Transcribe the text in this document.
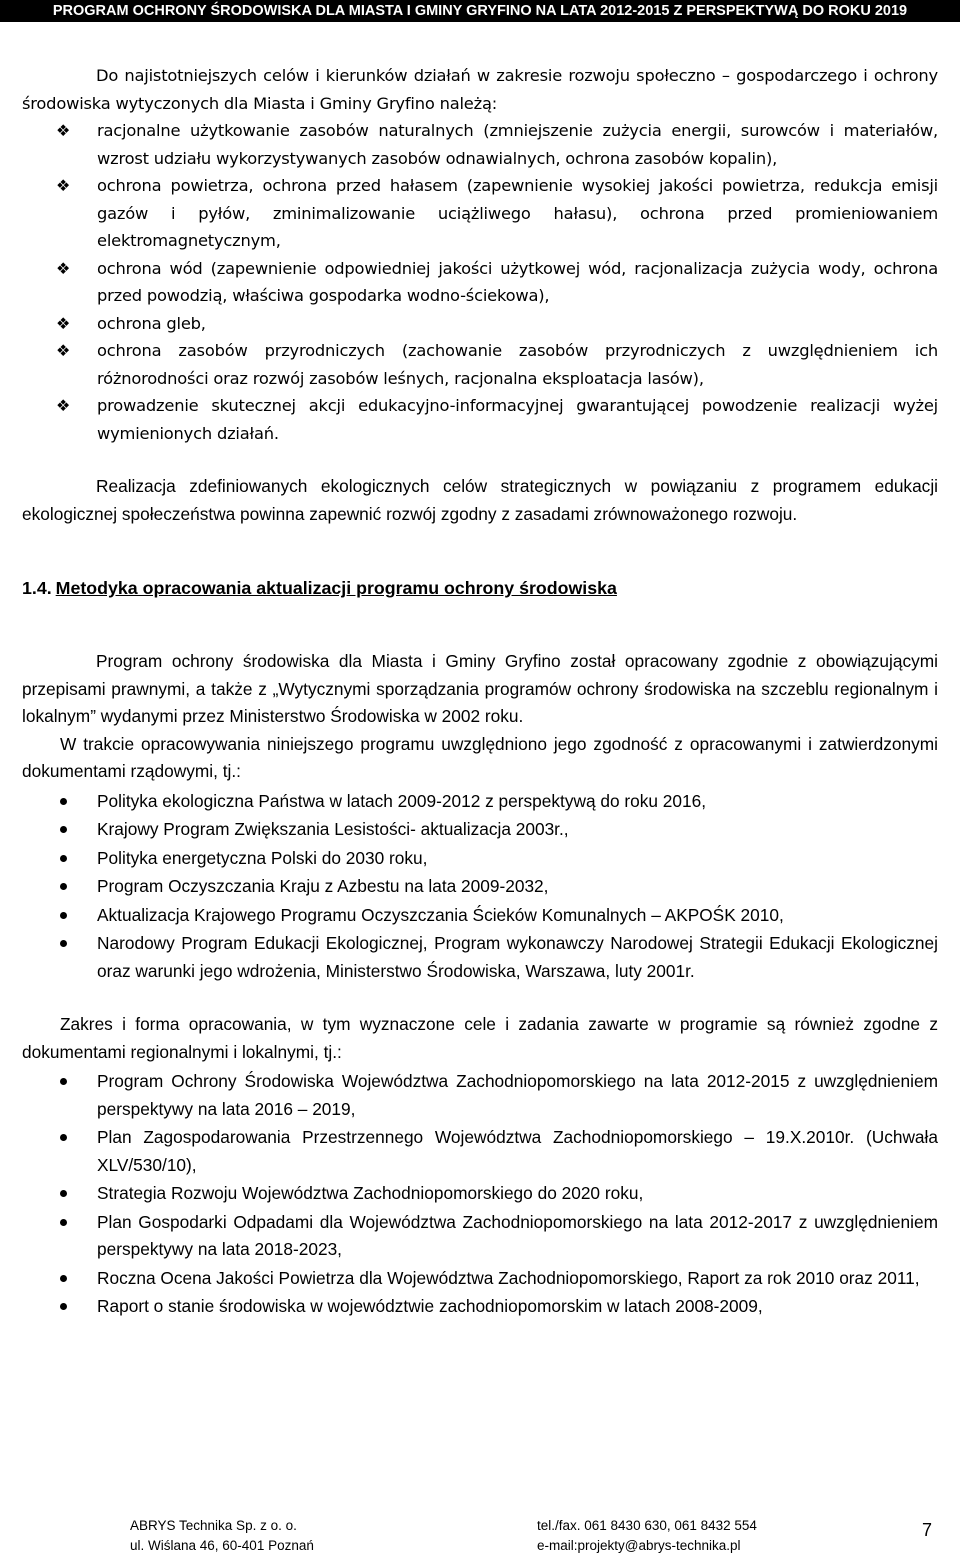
PROGRAM OCHRONY ŚRODOWISKA DLA MIASTA I GMINY GRYFINO NA LATA 2012-2015 Z PERSPEKTYWĄ DO ROKU 2019
Do najistotniejszych celów i kierunków działań w zakresie rozwoju społeczno – gospodarczego i ochrony środowiska wytyczonych dla Miasta i Gminy Gryfino należą:
❖ racjonalne użytkowanie zasobów naturalnych (zmniejszenie zużycia energii, surowców i materiałów, wzrost udziału wykorzystywanych zasobów odnawialnych, ochrona zasobów kopalin),
❖ ochrona powietrza, ochrona przed hałasem (zapewnienie wysokiej jakości powietrza, redukcja emisji gazów i pyłów, zminimalizowanie uciążliwego hałasu), ochrona przed promieniowaniem elektromagnetycznym,
❖ ochrona wód (zapewnienie odpowiedniej jakości użytkowej wód, racjonalizacja zużycia wody, ochrona przed powodzią, właściwa gospodarka wodno-ściekowa),
❖ ochrona gleb,
❖ ochrona zasobów przyrodniczych (zachowanie zasobów przyrodniczych z uwzględnieniem ich różnorodności oraz rozwój zasobów leśnych, racjonalna eksploatacja lasów),
❖ prowadzenie skutecznej akcji edukacyjno-informacyjnej gwarantującej powodzenie realizacji wyżej wymienionych działań.
Realizacja zdefiniowanych ekologicznych celów strategicznych w powiązaniu z programem edukacji ekologicznej społeczeństwa powinna zapewnić rozwój zgodny z zasadami zrównoważonego rozwoju.
1.4. Metodyka opracowania aktualizacji programu ochrony środowiska
Program ochrony środowiska dla Miasta i Gminy Gryfino został opracowany zgodnie z obowiązującymi przepisami prawnymi, a także z „Wytycznymi sporządzania programów ochrony środowiska na szczeblu regionalnym i lokalnym” wydanymi przez Ministerstwo Środowiska w 2002 roku.
W trakcie opracowywania niniejszego programu uwzględniono jego zgodność z opracowanymi i zatwierdzonymi dokumentami rządowymi, tj.:
Polityka ekologiczna Państwa w latach 2009-2012 z perspektywą do roku 2016,
Krajowy Program Zwiększania Lesistości- aktualizacja 2003r.,
Polityka energetyczna Polski do 2030 roku,
Program Oczyszczania Kraju z Azbestu na lata 2009-2032,
Aktualizacja Krajowego Programu Oczyszczania Ścieków Komunalnych – AKPOŚK 2010,
Narodowy Program Edukacji Ekologicznej, Program wykonawczy Narodowej Strategii Edukacji Ekologicznej oraz warunki jego wdrożenia, Ministerstwo Środowiska, Warszawa, luty 2001r.
Zakres i forma opracowania, w tym wyznaczone cele i zadania zawarte w programie są również zgodne z dokumentami regionalnymi i lokalnymi, tj.:
Program Ochrony Środowiska Województwa Zachodniopomorskiego na lata 2012-2015 z uwzględnieniem perspektywy na lata 2016 – 2019,
Plan Zagospodarowania Przestrzennego Województwa Zachodniopomorskiego – 19.X.2010r. (Uchwała XLV/530/10),
Strategia Rozwoju Województwa Zachodniopomorskiego do 2020 roku,
Plan Gospodarki Odpadami dla Województwa Zachodniopomorskiego na lata 2012-2017 z uwzględnieniem perspektywy na lata 2018-2023,
Roczna Ocena Jakości Powietrza dla Województwa Zachodniopomorskiego, Raport za rok 2010 oraz 2011,
Raport o stanie środowiska w województwie zachodniopomorskim w latach 2008-2009,
ABRYS Technika Sp. z o. o.
ul. Wiślana 46, 60-401 Poznań
tel./fax. 061 8430 630, 061 8432 554
e-mail:projekty@abrys-technika.pl
7
